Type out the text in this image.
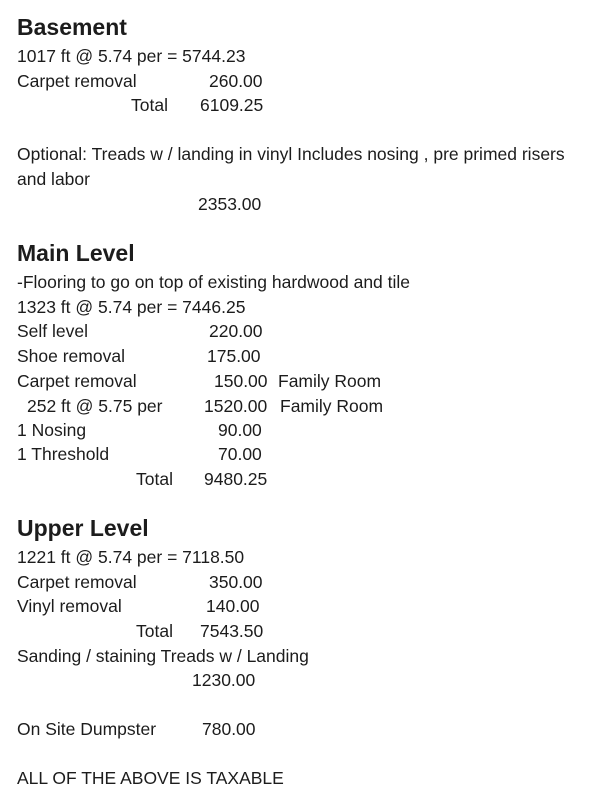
Basement
1017 ft @ 5.74 per = 5744.23
Carpet removal	260.00
Total 6109.25
Optional: Treads w / landing in vinyl Includes nosing , pre primed risers and labor
2353.00
Main Level
-Flooring to go on top of existing hardwood and tile
1323 ft @ 5.74 per = 7446.25
Self level	220.00
Shoe removal	175.00
Carpet removal	150.00 Family Room
252 ft @ 5.75 per 1520.00 Family Room
1 Nosing	90.00
1 Threshold	70.00
Total 9480.25
Upper Level
1221 ft @ 5.74 per = 7118.50
Carpet removal	350.00
Vinyl removal	140.00
Total 7543.50
Sanding / staining Treads w / Landing
1230.00
On Site Dumpster	780.00
ALL OF THE ABOVE IS TAXABLE
